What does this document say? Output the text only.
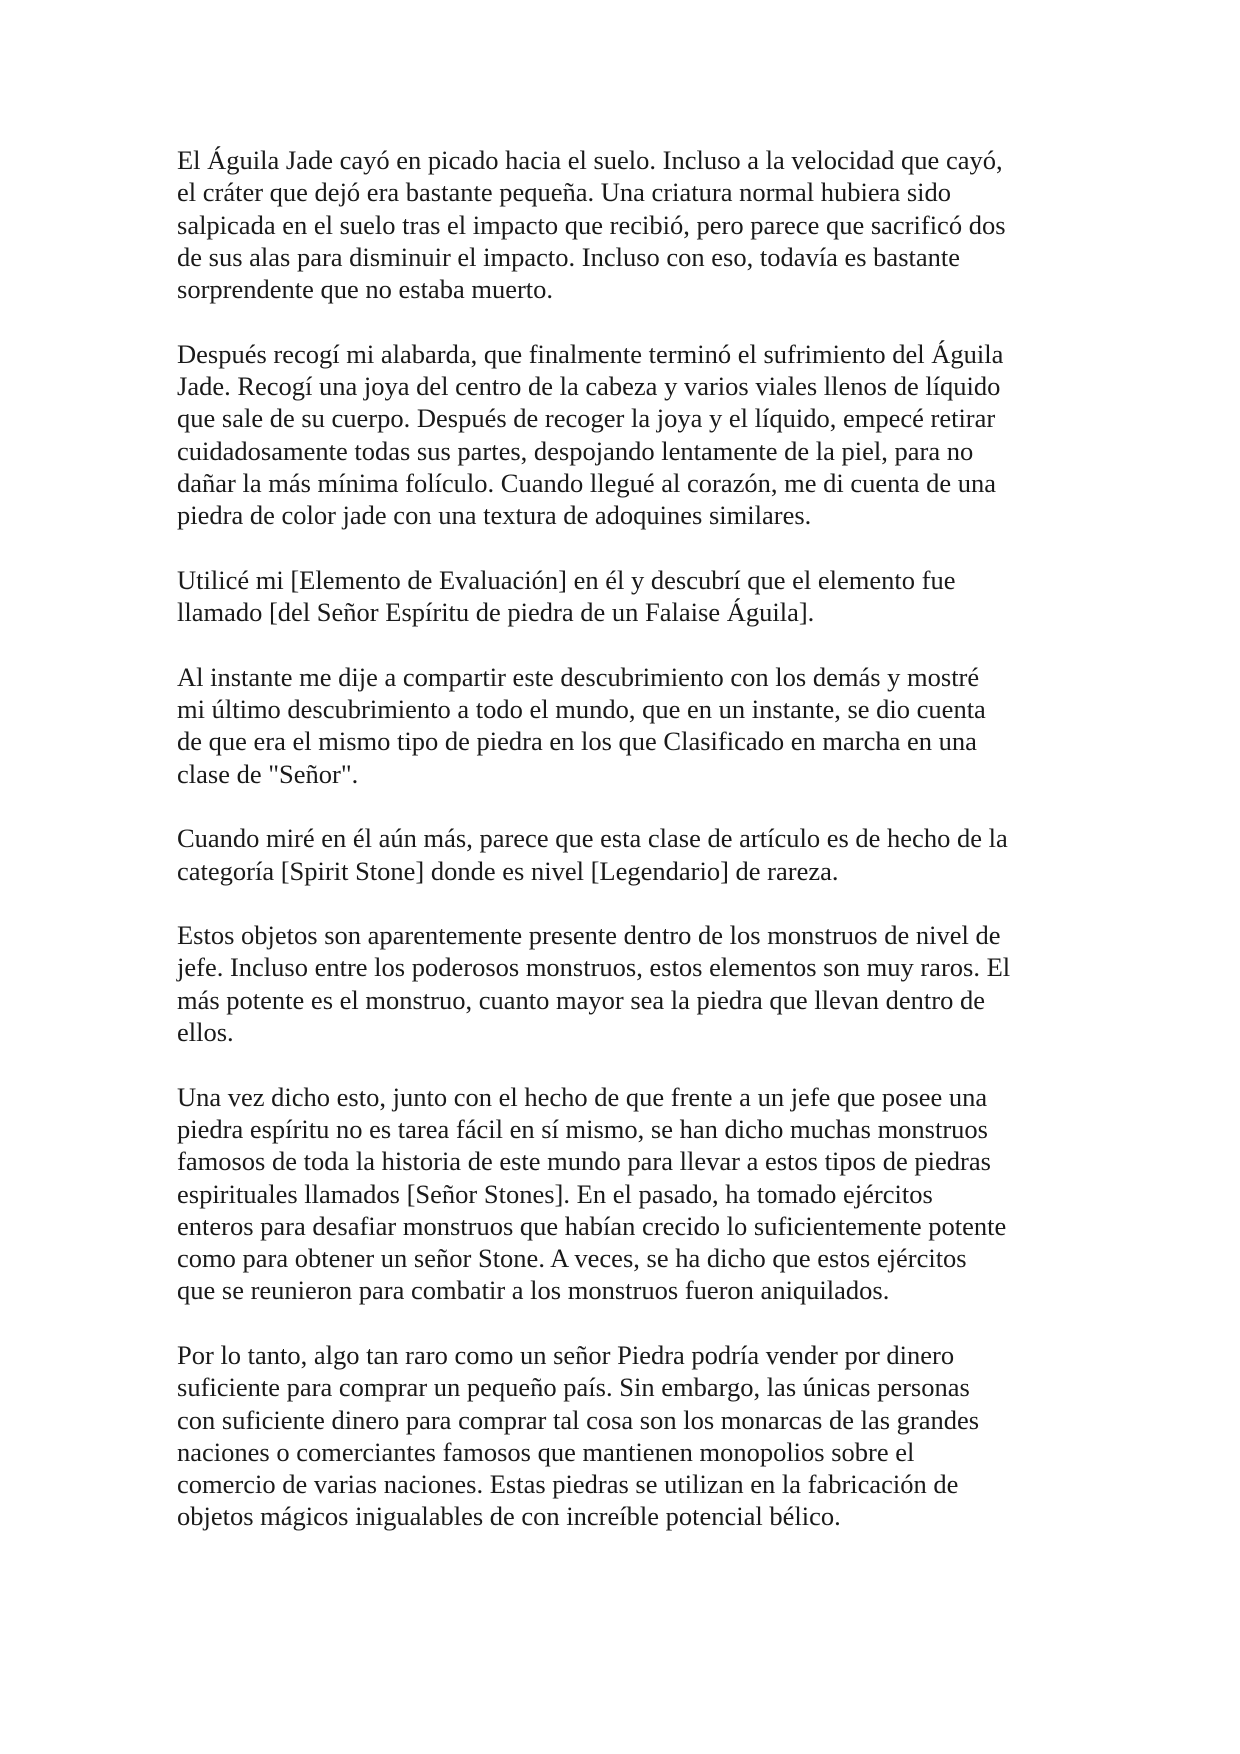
El Águila Jade cayó en picado hacia el suelo. Incluso a la velocidad que cayó,
el cráter que dejó era bastante pequeña. Una criatura normal hubiera sido
salpicada en el suelo tras el impacto que recibió, pero parece que sacrificó dos
de sus alas para disminuir el impacto. Incluso con eso, todavía es bastante
sorprendente que no estaba muerto.

Después recogí mi alabarda, que finalmente terminó el sufrimiento del Águila
Jade. Recogí una joya del centro de la cabeza y varios viales llenos de líquido
que sale de su cuerpo. Después de recoger la joya y el líquido, empecé retirar
cuidadosamente todas sus partes, despojando lentamente de la piel, para no
dañar la más mínima folículo. Cuando llegué al corazón, me di cuenta de una
piedra de color jade con una textura de adoquines similares.

Utilicé mi [Elemento de Evaluación] en él y descubrí que el elemento fue
llamado [del Señor Espíritu de piedra de un Falaise Águila].

Al instante me dije a compartir este descubrimiento con los demás y mostré
mi último descubrimiento a todo el mundo, que en un instante, se dio cuenta
de que era el mismo tipo de piedra en los que Clasificado en marcha en una
clase de "Señor".

Cuando miré en él aún más, parece que esta clase de artículo es de hecho de la
categoría [Spirit Stone] donde es nivel [Legendario] de rareza.

Estos objetos son aparentemente presente dentro de los monstruos de nivel de
jefe. Incluso entre los poderosos monstruos, estos elementos son muy raros. El
más potente es el monstruo, cuanto mayor sea la piedra que llevan dentro de
ellos.

Una vez dicho esto, junto con el hecho de que frente a un jefe que posee una
piedra espíritu no es tarea fácil en sí mismo, se han dicho muchas monstruos
famosos de toda la historia de este mundo para llevar a estos tipos de piedras
espirituales llamados [Señor Stones]. En el pasado, ha tomado ejércitos
enteros para desafiar monstruos que habían crecido lo suficientemente potente
como para obtener un señor Stone. A veces, se ha dicho que estos ejércitos
que se reunieron para combatir a los monstruos fueron aniquilados.

Por lo tanto, algo tan raro como un señor Piedra podría vender por dinero
suficiente para comprar un pequeño país. Sin embargo, las únicas personas
con suficiente dinero para comprar tal cosa son los monarcas de las grandes
naciones o comerciantes famosos que mantienen monopolios sobre el
comercio de varias naciones. Estas piedras se utilizan en la fabricación de
objetos mágicos inigualables de con increíble potencial bélico.
